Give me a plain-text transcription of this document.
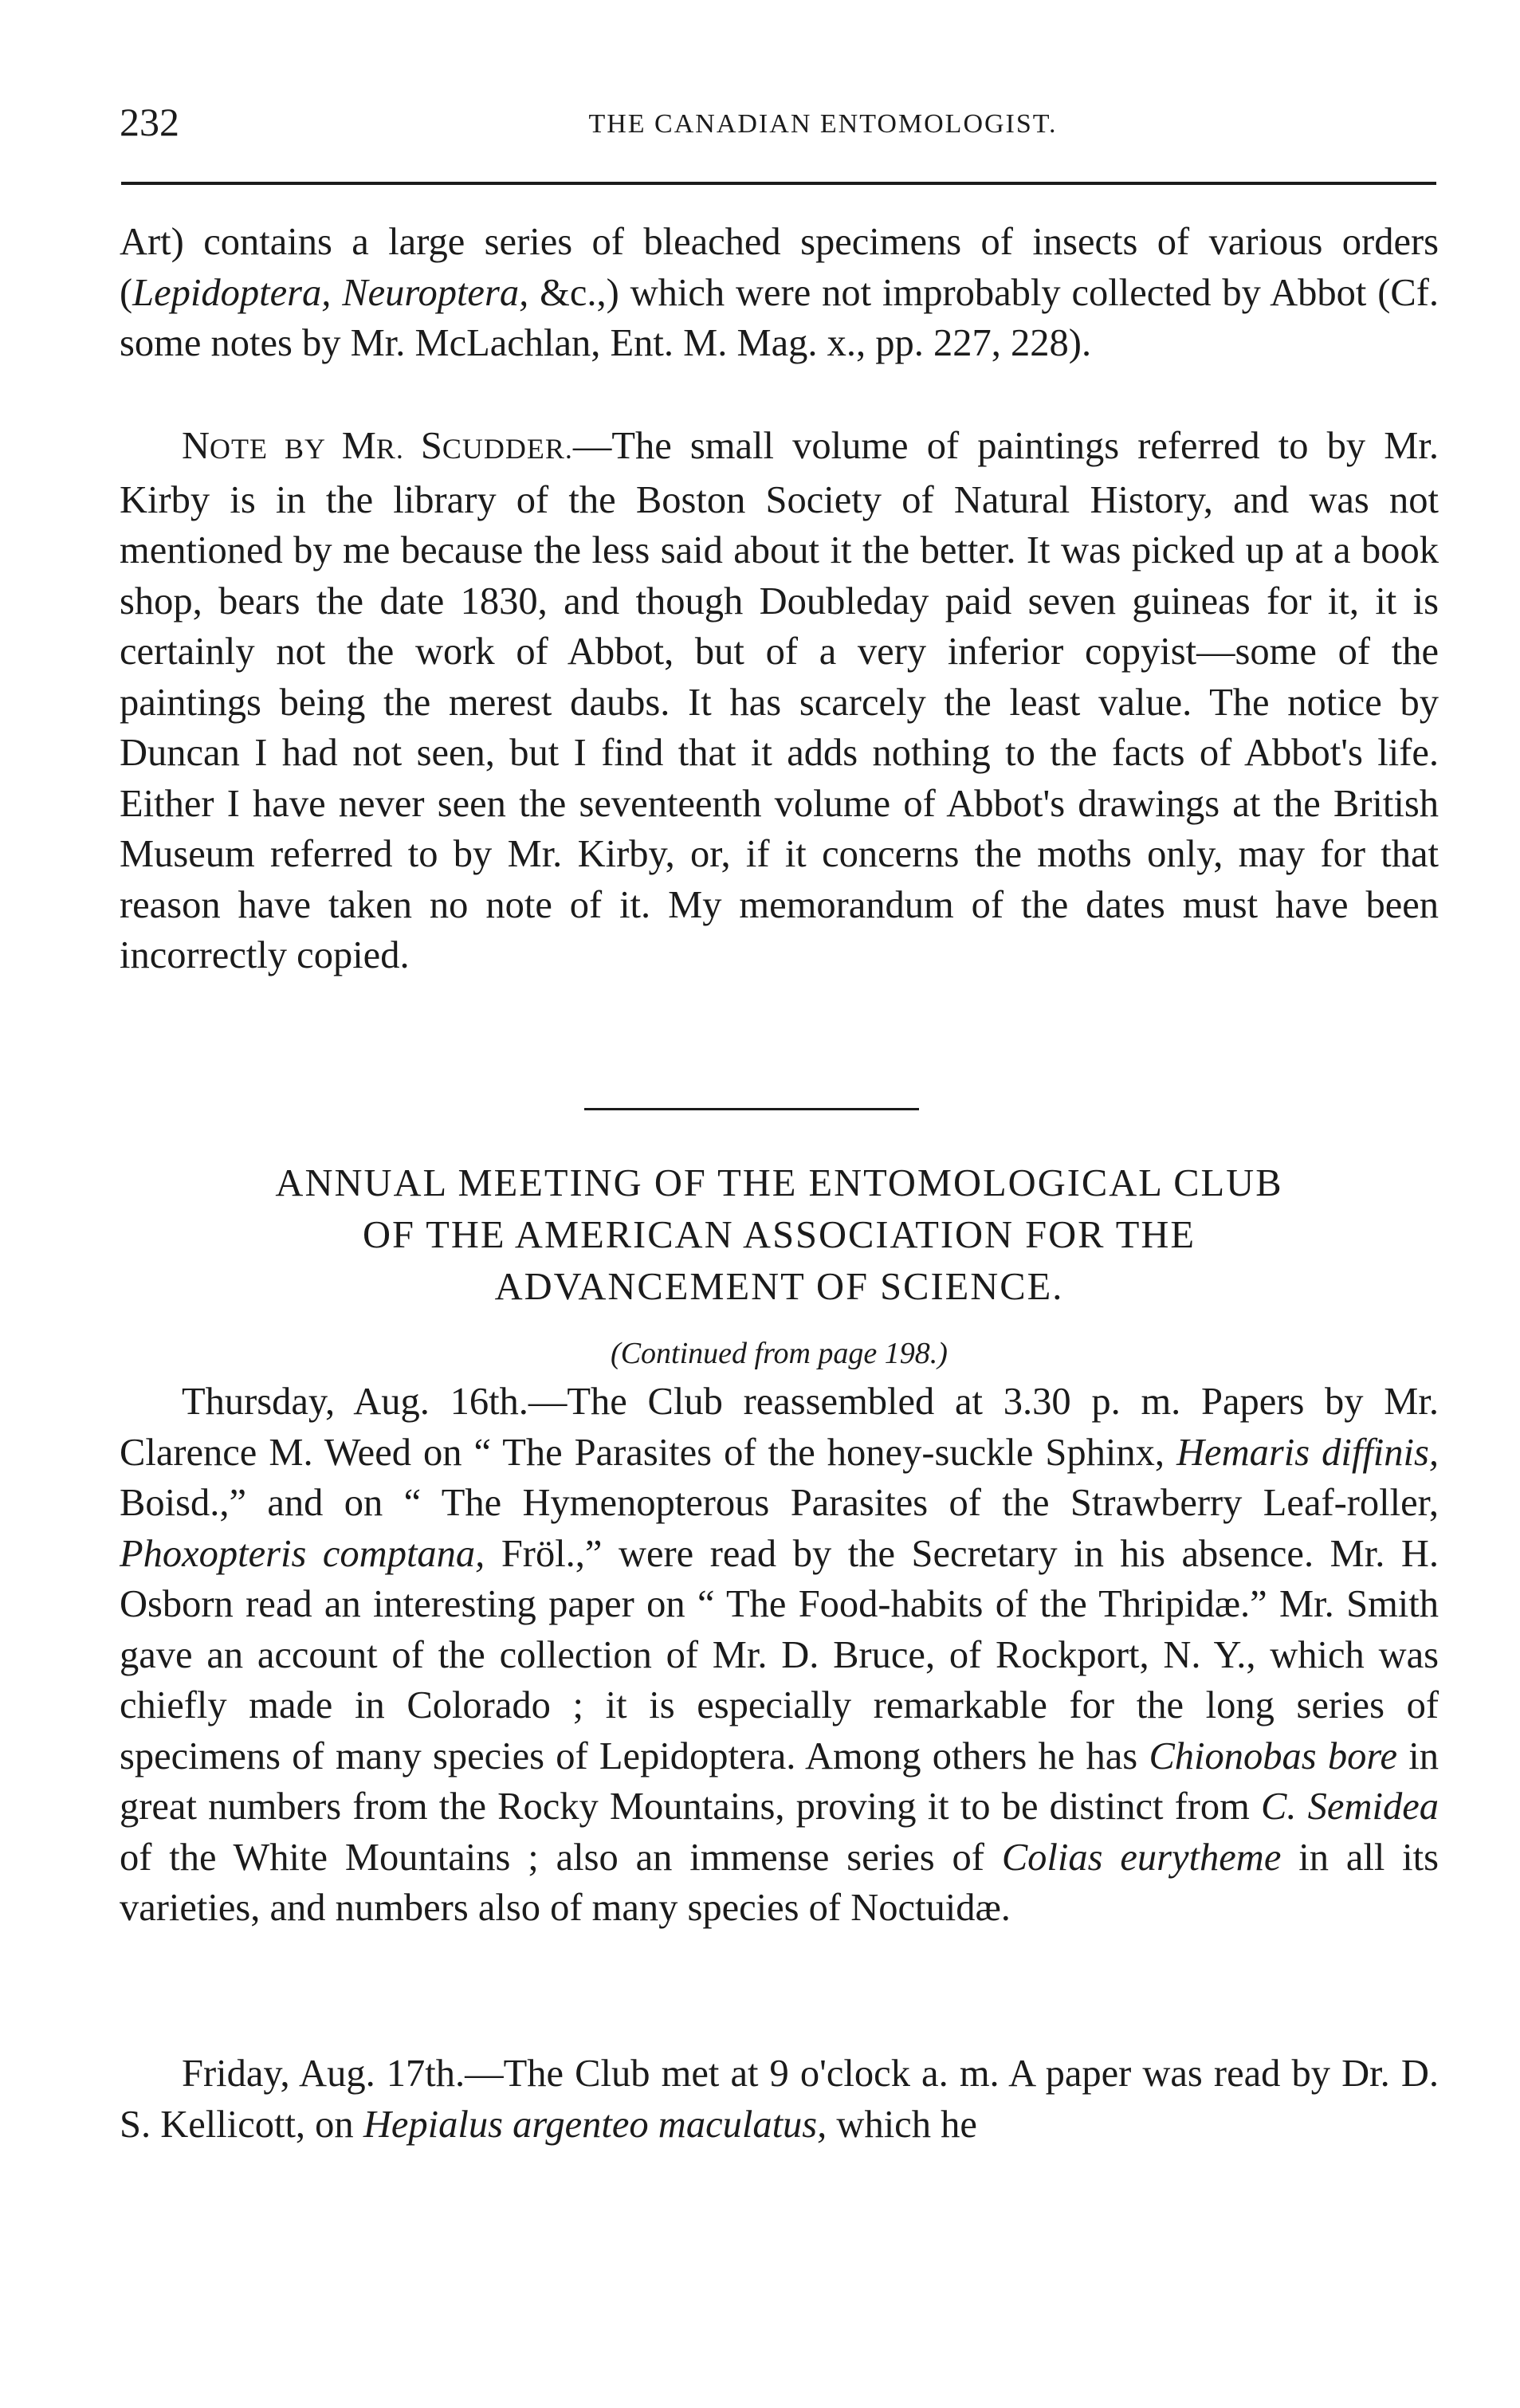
232	THE CANADIAN ENTOMOLOGIST.

Art) contains a large series of bleached specimens of insects of various orders (Lepidoptera, Neuroptera, &c.,) which were not improbably collected by Abbot (Cf. some notes by Mr. McLachlan, Ent. M. Mag. x., pp. 227, 228).

NOTE BY MR. SCUDDER.—The small volume of paintings referred to by Mr. Kirby is in the library of the Boston Society of Natural History, and was not mentioned by me because the less said about it the better. It was picked up at a book shop, bears the date 1830, and though Doubleday paid seven guineas for it, it is certainly not the work of Abbot, but of a very inferior copyist—some of the paintings being the merest daubs. It has scarcely the least value. The notice by Duncan I had not seen, but I find that it adds nothing to the facts of Abbot's life. Either I have never seen the seventeenth volume of Abbot's drawings at the British Museum referred to by Mr. Kirby, or, if it concerns the moths only, may for that reason have taken no note of it. My memorandum of the dates must have been incorrectly copied.

ANNUAL MEETING OF THE ENTOMOLOGICAL CLUB
OF THE AMERICAN ASSOCIATION FOR THE
ADVANCEMENT OF SCIENCE.
(Continued from page 198.)

Thursday, Aug. 16th.—The Club reassembled at 3.30 p. m. Papers by Mr. Clarence M. Weed on “ The Parasites of the honey-suckle Sphinx, Hemaris diffinis, Boisd.,” and on “ The Hymenopterous Parasites of the Strawberry Leaf-roller, Phoxopteris comptana, Fröl.,” were read by the Secretary in his absence. Mr. H. Osborn read an interesting paper on “ The Food-habits of the Thripidæ.” Mr. Smith gave an account of the collection of Mr. D. Bruce, of Rockport, N. Y., which was chiefly made in Colorado ; it is especially remarkable for the long series of specimens of many species of Lepidoptera. Among others he has Chionobas bore in great numbers from the Rocky Mountains, proving it to be distinct from C. Semidea of the White Mountains ; also an immense series of Colias eurytheme in all its varieties, and numbers also of many species of Noctuidæ.

Friday, Aug. 17th.—The Club met at 9 o'clock a. m. A paper was read by Dr. D. S. Kellicott, on Hepialus argenteo maculatus, which he
